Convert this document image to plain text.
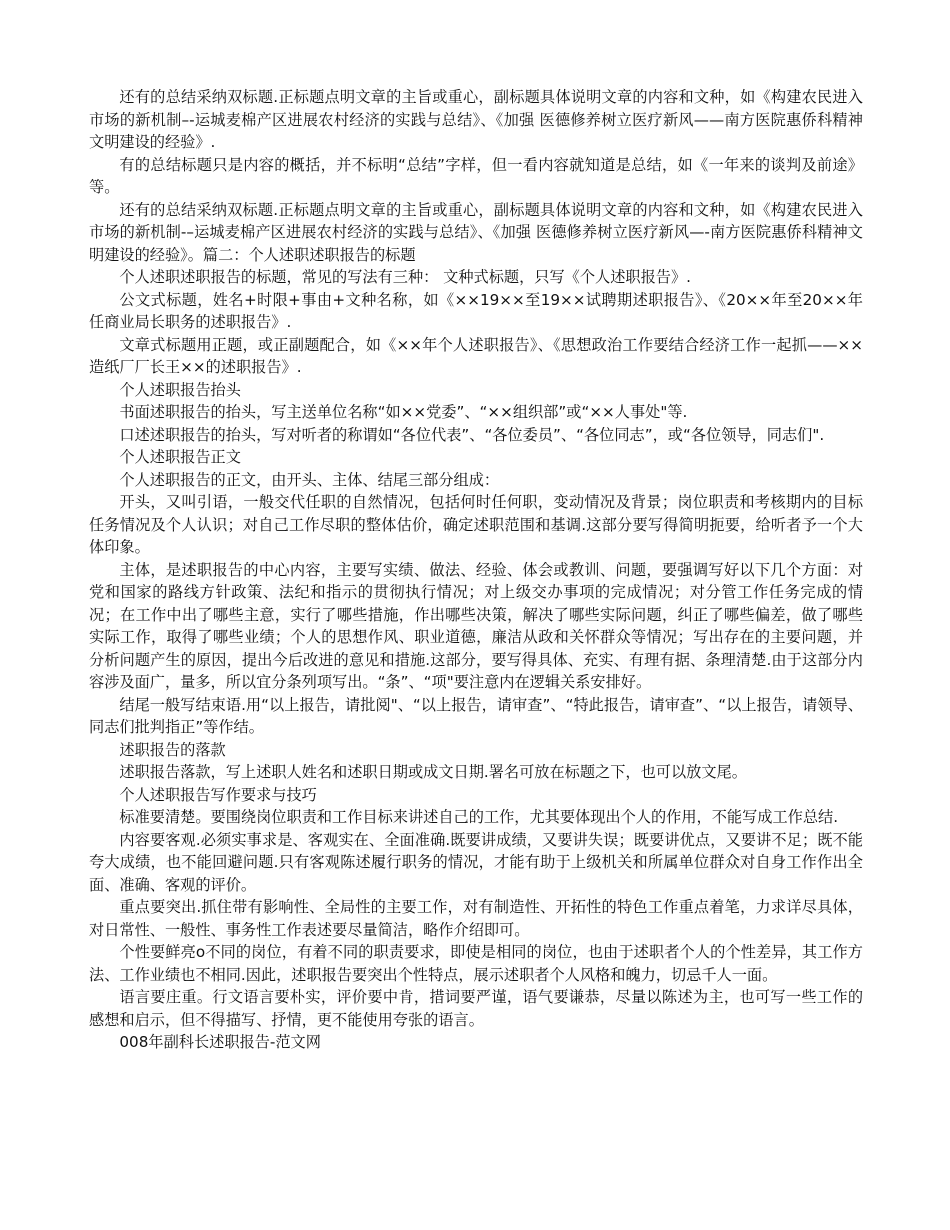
还有的总结采纳双标题.正标题点明文章的主旨或重心，副标题具体说明文章的内容和文种，如《构建农民进入市场的新机制–-运城麦棉产区进展农村经济的实践与总结》、《加强 医德修养树立医疗新风——南方医院惠侨科精神文明建设的经验》.

有的总结标题只是内容的概括，并不标明“总结”字样，但一看内容就知道是总结，如《一年来的谈判及前途》等。

还有的总结采纳双标题.正标题点明文章的主旨或重心，副标题具体说明文章的内容和文种，如《构建农民进入市场的新机制-–运城麦棉产区进展农村经济的实践与总结》、《加强 医德修养树立医疗新风—-南方医院惠侨科精神文明建设的经验》。篇二：个人述职述职报告的标题

个人述职述职报告的标题，常见的写法有三种： 文种式标题，只写《个人述职报告》.

公文式标题，姓名+时限+事由+文种名称，如《××19××至19××试聘期述职报告》、《20××年至20××年任商业局长职务的述职报告》.

文章式标题用正题，或正副题配合，如《××年个人述职报告》、《思想政治工作要结合经济工作一起抓——××造纸厂厂长王××的述职报告》.

个人述职报告抬头

书面述职报告的抬头，写主送单位名称“如××党委”、“××组织部”或“××人事处"等.

口述述职报告的抬头，写对听者的称谓如“各位代表”、“各位委员”、“各位同志”，或“各位领导，同志们".

个人述职报告正文

个人述职报告的正文，由开头、主体、结尾三部分组成：

开头，又叫引语，一般交代任职的自然情况，包括何时任何职，变动情况及背景；岗位职责和考核期内的目标任务情况及个人认识；对自己工作尽职的整体估价，确定述职范围和基调.这部分要写得简明扼要，给听者予一个大体印象。

主体，是述职报告的中心内容，主要写实绩、做法、经验、体会或教训、问题，要强调写好以下几个方面：对党和国家的路线方针政策、法纪和指示的贯彻执行情况；对上级交办事项的完成情况；对分管工作任务完成的情况；在工作中出了哪些主意，实行了哪些措施，作出哪些决策，解决了哪些实际问题，纠正了哪些偏差，做了哪些实际工作，取得了哪些业绩；个人的思想作风、职业道德，廉洁从政和关怀群众等情况；写出存在的主要问题，并分析问题产生的原因，提出今后改进的意见和措施.这部分，要写得具体、充实、有理有据、条理清楚.由于这部分内容涉及面广，量多，所以宜分条列项写出。“条”、“项"要注意内在逻辑关系安排好。

结尾一般写结束语.用“以上报告，请批阅"、“以上报告，请审查”、“特此报告，请审查”、“以上报告，请领导、同志们批判指正”等作结。

述职报告的落款

述职报告落款，写上述职人姓名和述职日期或成文日期.署名可放在标题之下，也可以放文尾。

个人述职报告写作要求与技巧

标准要清楚。要围绕岗位职责和工作目标来讲述自己的工作，尤其要体现出个人的作用，不能写成工作总结.

内容要客观.必须实事求是、客观实在、全面准确.既要讲成绩，又要讲失误；既要讲优点，又要讲不足；既不能夸大成绩，也不能回避问题.只有客观陈述履行职务的情况，才能有助于上级机关和所属单位群众对自身工作作出全面、准确、客观的评价。

重点要突出.抓住带有影响性、全局性的主要工作，对有制造性、开拓性的特色工作重点着笔，力求详尽具体，对日常性、一般性、事务性工作表述要尽量简洁，略作介绍即可。

个性要鲜亮o不同的岗位，有着不同的职责要求，即使是相同的岗位，也由于述职者个人的个性差异，其工作方法、工作业绩也不相同.因此，述职报告要突出个性特点，展示述职者个人风格和魄力，切忌千人一面。

语言要庄重。行文语言要朴实，评价要中肯，措词要严谨，语气要谦恭，尽量以陈述为主，也可写一些工作的感想和启示，但不得描写、抒情，更不能使用夸张的语言。

008年副科长述职报告-范文网
